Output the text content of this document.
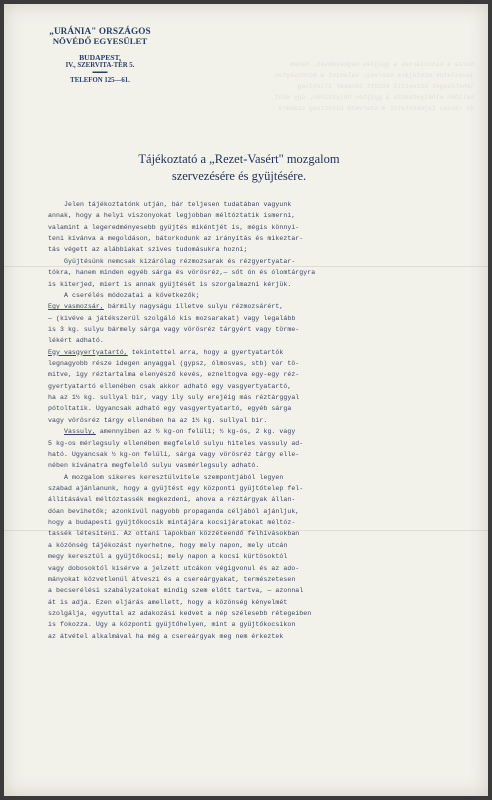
hozza a kincstárnak a gyüjtés megkezdését, hanem

javaslatok mintájára szervez, valamint a közösségtek

lehetőségét közvetítő között zenekar illetőleg

kellően elhelyezkedik a gyüjtés helyszínén, úgy mint

és részes tájékoztatót a szervező bizottság számára

„URÁNIA" ORSZÁGOS
NÖVÉDŐ EGYESÜLET
BUDAPEST,
IV., SZERVITA-TÉR 5.
▬▬▬
TELEFON 125—61.
Tájékoztató a „Rezet-Vasért" mozgalom
szervezésére és gyüjtésére.

Jelen tájékoztatónk utján, bár teljesen tudatában vagyunk

annak, hogy a helyi viszonyokat legjobban méltóztatik ismerni,

valamint a legeredményesebb gyüjtés mikéntjét is, mégis könnyi-

teni kívánva a megoldáson, bátorkodunk az irányítás és mikeztar-

tás végett az alábbiakat szives tudomásukra hozni;

Gyüjtésünk nemcsak kizárólag rézmozsarak és rézgyertyatar-

tókra, hanem minden egyéb sárga és vörösréz,— sőt ón és ólomtárgyra

is kiterjed, miert is annak gyüjtését is szorgalmazni kérjük.

A cserélés módozatai a következők;

Egy vasmozsár, bármily nagyságu illetve sulyu rézmozsárért,

— (kivéve a játékszerül szolgáló kis mozsarakat) vagy legalább

is 3 kg. sulyu bármely sárga vagy vörösréz tárgyért vagy törme-

lékért adható.

Egy vasgyertyatartó, tekintettel arra, hogy a gyertyatartók

legnagyobb része idegen anyaggal (gypsz, ólmosvas, stb) var tö-

mitve, igy réztartalma elenyésző kevés, ezneltogva egy-egy réz-

gyertyatartó ellenében csak akkor adható egy vasgyertyatartó,

ha az 1½ kg. sullyal bir, vagy ily suly erejéig más réztárggyal

pótoltatik. Ugyancsak adható egy vasgyertyatartó, egyéb sárga

vagy vörösréz tárgy ellenében ha az 1½ kg. sullyal bir.

Vassuly, amennyiben az ½ kg-on felüli; ½ kg-ós, 2 kg. vagy

5 kg-os mérlegsuly ellenében megfelelő sulyu hiteles vassuly ad-

ható. Ugyancsak ½ kg-on felüli, sárga vagy vörösréz tárgy elle-

nében kívánatra megfelelő sulyu vasmérlegsuly adható.

A mozgalom sikeres keresztülvitele szempontjából legyen

szabad ajánlanunk, hogy a gyüjtést egy központi gyüjtőtelep fel-

állításával méltóztassék megkezdeni, ahova a réztárgyak állan-

dóan bevihetők; azonkívül nagyobb propaganda céljából ajánljuk,

hogy a budapesti gyüjtőkocsik mintájára kocsijáratokat méltóz-

tassék létesíteni. Az ottani lapokban közzéteendő felhívásokban

a közönség tájékozást nyerhetne, hogy mely napon, mely utcán

megy keresztül a gyüjtőkocsi; mely napon a kocsi kürtösoktól

vagy dobosoktól kisérve a jelzett utcákon végigvonul és az ado-

mányokat közvetlenül átveszi és a csereárgyakat, természetesen

a becserélési szabályzatokat mindig szem előtt tartva, — azonnal

át is adja. Ezen eljárás amellett, hogy a közönség kényelmét

szolgálja, egyuttal az adakozási kedvet a nép szélesebb rétegeiben

is fokozza. Ugy a központi gyüjtőhelyen, mint a gyüjtőkocsikon

az átvétel alkalmával ha még a csereárgyak meg nem érkeztek
